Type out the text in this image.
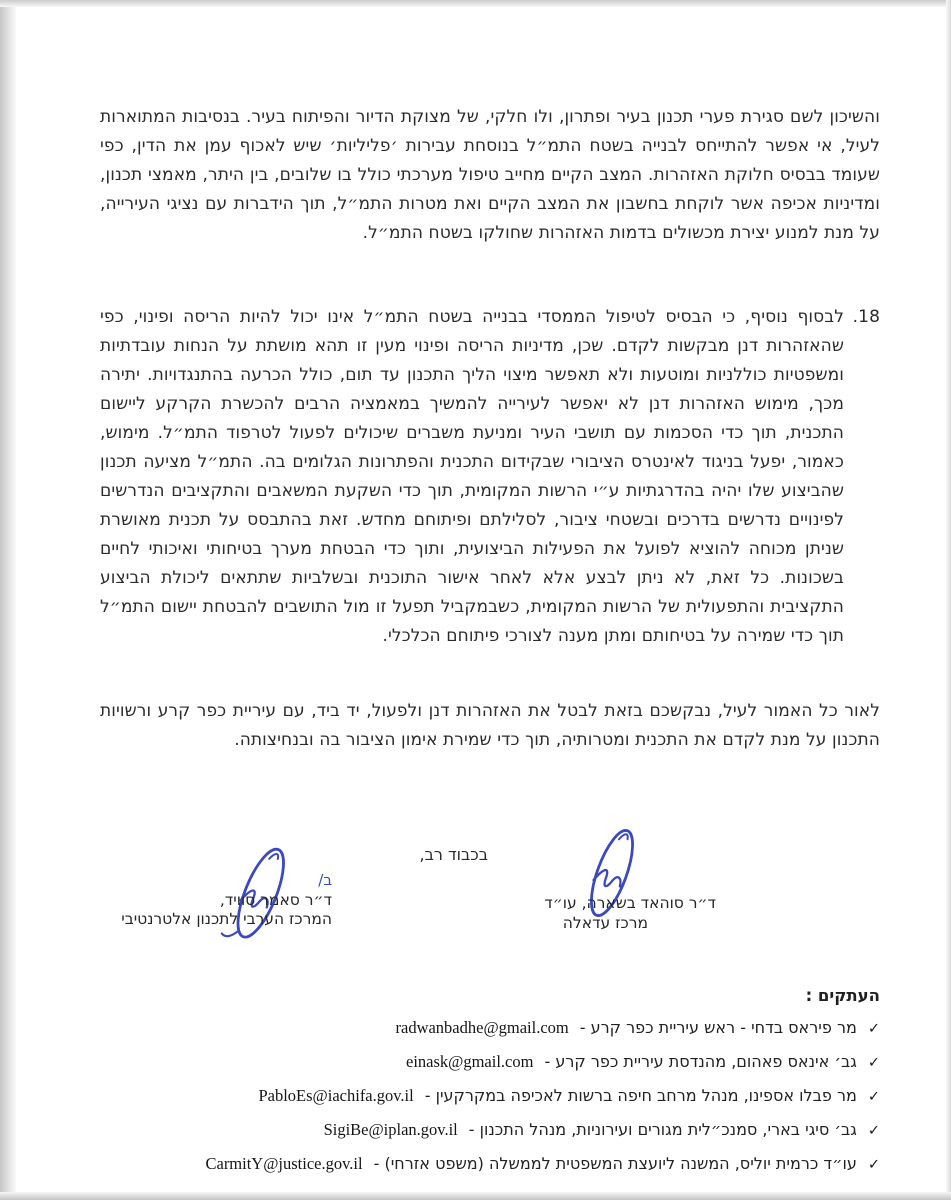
והשיכון לשם סגירת פערי תכנון בעיר ופתרון, ולו חלקי, של מצוקת הדיור והפיתוח בעיר. בנסיבות המתוארות לעיל, אי אפשר להתייחס לבנייה בשטח התמ״ל בנוסחת עבירות ׳פליליות׳ שיש לאכוף עמן את הדין, כפי שעומד בבסיס חלוקת האזהרות. המצב הקיים מחייב טיפול מערכתי כולל בו שלובים, בין היתר, מאמצי תכנון, ומדיניות אכיפה אשר לוקחת בחשבון את המצב הקיים ואת מטרות התמ״ל, תוך הידברות עם נציגי העירייה, על מנת למנוע יצירת מכשולים בדמות האזהרות שחולקו בשטח התמ״ל.
18.
לבסוף נוסיף, כי הבסיס לטיפול הממסדי בבנייה בשטח התמ״ל אינו יכול להיות הריסה ופינוי, כפי שהאזהרות דנן מבקשות לקדם. שכן, מדיניות הריסה ופינוי מעין זו תהא מושתת על הנחות עובדתיות ומשפטיות כוללניות ומוטעות ולא תאפשר מיצוי הליך התכנון עד תום, כולל הכרעה בהתנגדויות. יתירה מכך, מימוש האזהרות דנן לא יאפשר לעירייה להמשיך במאמציה הרבים להכשרת הקרקע ליישום התכנית, תוך כדי הסכמות עם תושבי העיר ומניעת משברים שיכולים לפעול לטרפוד התמ״ל. מימוש, כאמור, יפעל בניגוד לאינטרס הציבורי שבקידום התכנית והפתרונות הגלומים בה. התמ״ל מציעה תכנון שהביצוע שלו יהיה בהדרגתיות ע״י הרשות המקומית, תוך כדי השקעת המשאבים והתקציבים הנדרשים לפינויים נדרשים בדרכים ובשטחי ציבור, לסלילתם ופיתוחם מחדש. זאת בהתבסס על תכנית מאושרת שניתן מכוחה להוציא לפועל את הפעילות הביצועית, ותוך כדי הבטחת מערך בטיחותי ואיכותי לחיים בשכונות. כל זאת, לא ניתן לבצע אלא לאחר אישור התוכנית ובשלביות שתתאים ליכולת הביצוע התקציבית והתפעולית של הרשות המקומית, כשבמקביל תפעל זו מול התושבים להבטחת יישום התמ״ל תוך כדי שמירה על בטיחותם ומתן מענה לצורכי פיתוחם הכלכלי.
לאור כל האמור לעיל, נבקשכם בזאת לבטל את האזהרות דנן ולפעול, יד ביד, עם עיריית כפר קרע ורשויות התכנון על מנת לקדם את התכנית ומטרותיה, תוך כדי שמירת אימון הציבור בה ובנחיצותה.
בכבוד רב,
ד״ר סוהאד בשארה, עו״ד
מרכז עדאלה
ב/
ד״ר סאמר סוויד,
המרכז הערבי לתכנון אלטרנטיבי
העתקים :
✓
מר פיראס בדחי - ראש עיריית כפר קרע -
radwanbadhe@gmail.com
✓
גב׳ אינאס פאהום, מהנדסת עיריית כפר קרע -
einask@gmail.com
✓
מר פבלו אספינו, מנהל מרחב חיפה ברשות לאכיפה במקרקעין -
PabloEs@iachifa.gov.il
✓
גב׳ סיגי בארי, סמנכ״לית מגורים ועירוניות, מנהל התכנון -
SigiBe@iplan.gov.il
✓
עו״ד כרמית יוליס, המשנה ליועצת המשפטית לממשלה (משפט אזרחי) -
CarmitY@justice.gov.il
